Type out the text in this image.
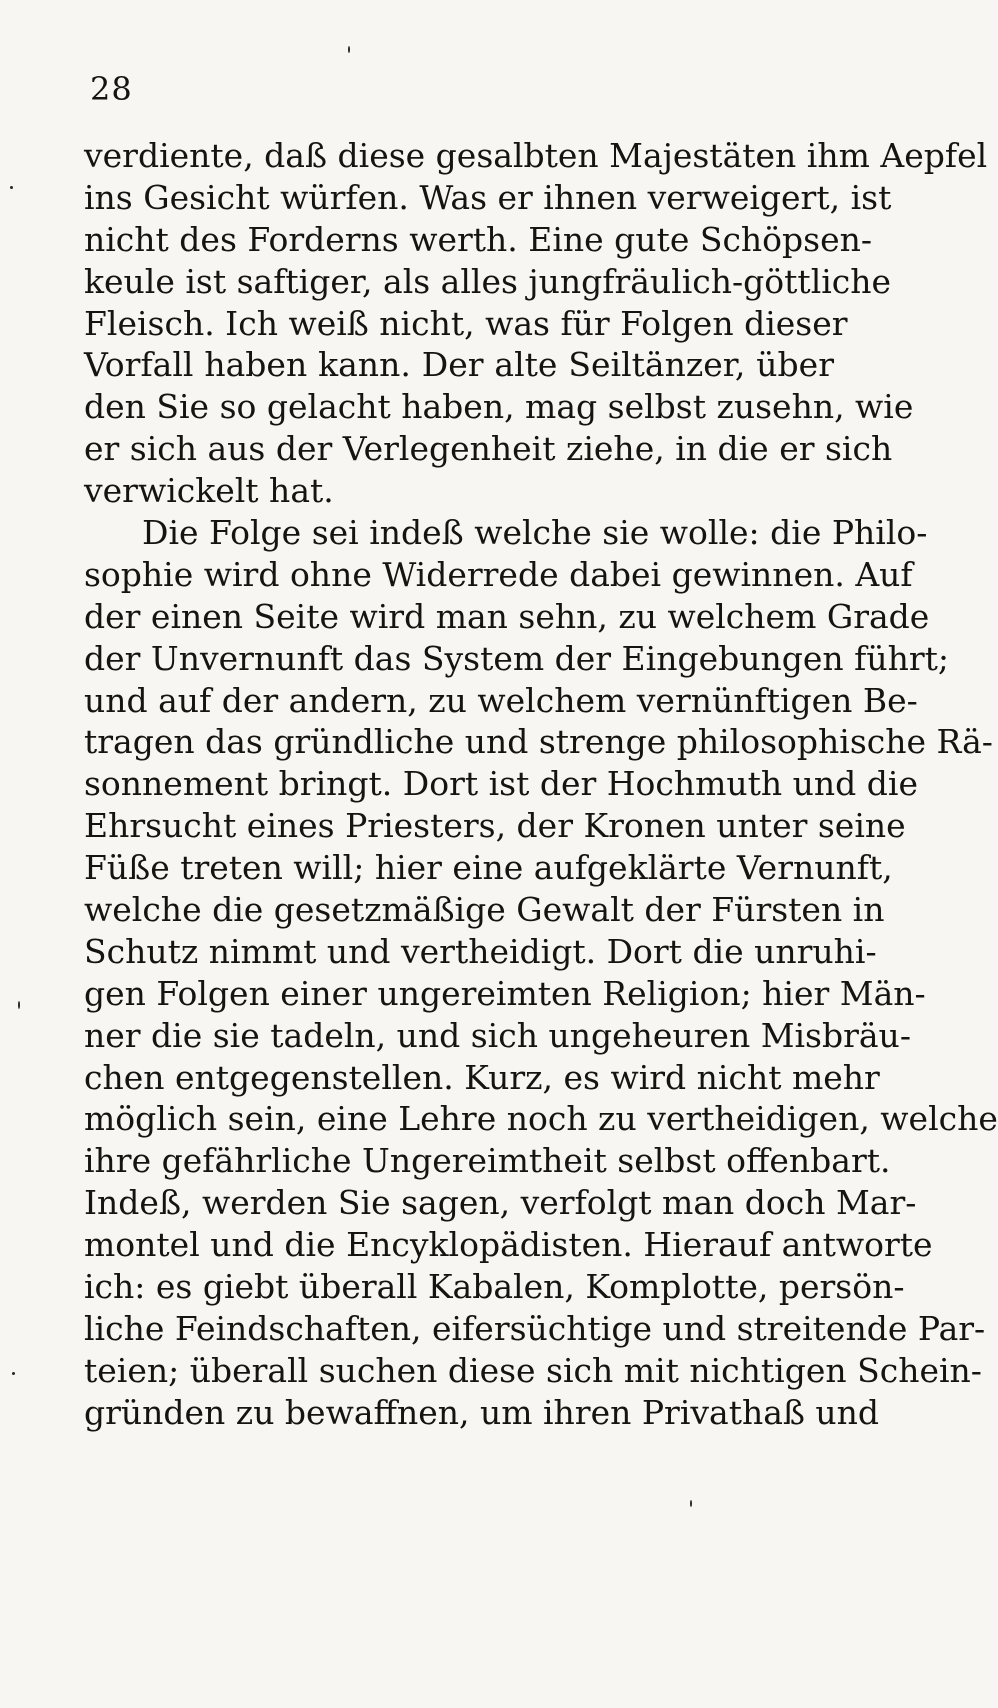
28
verdiente, daß diese gesalbten Majestäten ihm Aepfel
ins Gesicht würfen. Was er ihnen verweigert, ist
nicht des Forderns werth. Eine gute Schöpsen-
keule ist saftiger, als alles jungfräulich-göttliche
Fleisch. Ich weiß nicht, was für Folgen dieser
Vorfall haben kann. Der alte Seiltänzer, über
den Sie so gelacht haben, mag selbst zusehn, wie
er sich aus der Verlegenheit ziehe, in die er sich
verwickelt hat.
Die Folge sei indeß welche sie wolle: die Philo-
sophie wird ohne Widerrede dabei gewinnen. Auf
der einen Seite wird man sehn, zu welchem Grade
der Unvernunft das System der Eingebungen führt;
und auf der andern, zu welchem vernünftigen Be-
tragen das gründliche und strenge philosophische Rä-
sonnement bringt. Dort ist der Hochmuth und die
Ehrsucht eines Priesters, der Kronen unter seine
Füße treten will; hier eine aufgeklärte Vernunft,
welche die gesetzmäßige Gewalt der Fürsten in
Schutz nimmt und vertheidigt. Dort die unruhi-
gen Folgen einer ungereimten Religion; hier Män-
ner die sie tadeln, und sich ungeheuren Misbräu-
chen entgegenstellen. Kurz, es wird nicht mehr
möglich sein, eine Lehre noch zu vertheidigen, welche
ihre gefährliche Ungereimtheit selbst offenbart.
Indeß, werden Sie sagen, verfolgt man doch Mar-
montel und die Encyklopädisten. Hierauf antworte
ich: es giebt überall Kabalen, Komplotte, persön-
liche Feindschaften, eifersüchtige und streitende Par-
teien; überall suchen diese sich mit nichtigen Schein-
gründen zu bewaffnen, um ihren Privathaß und
